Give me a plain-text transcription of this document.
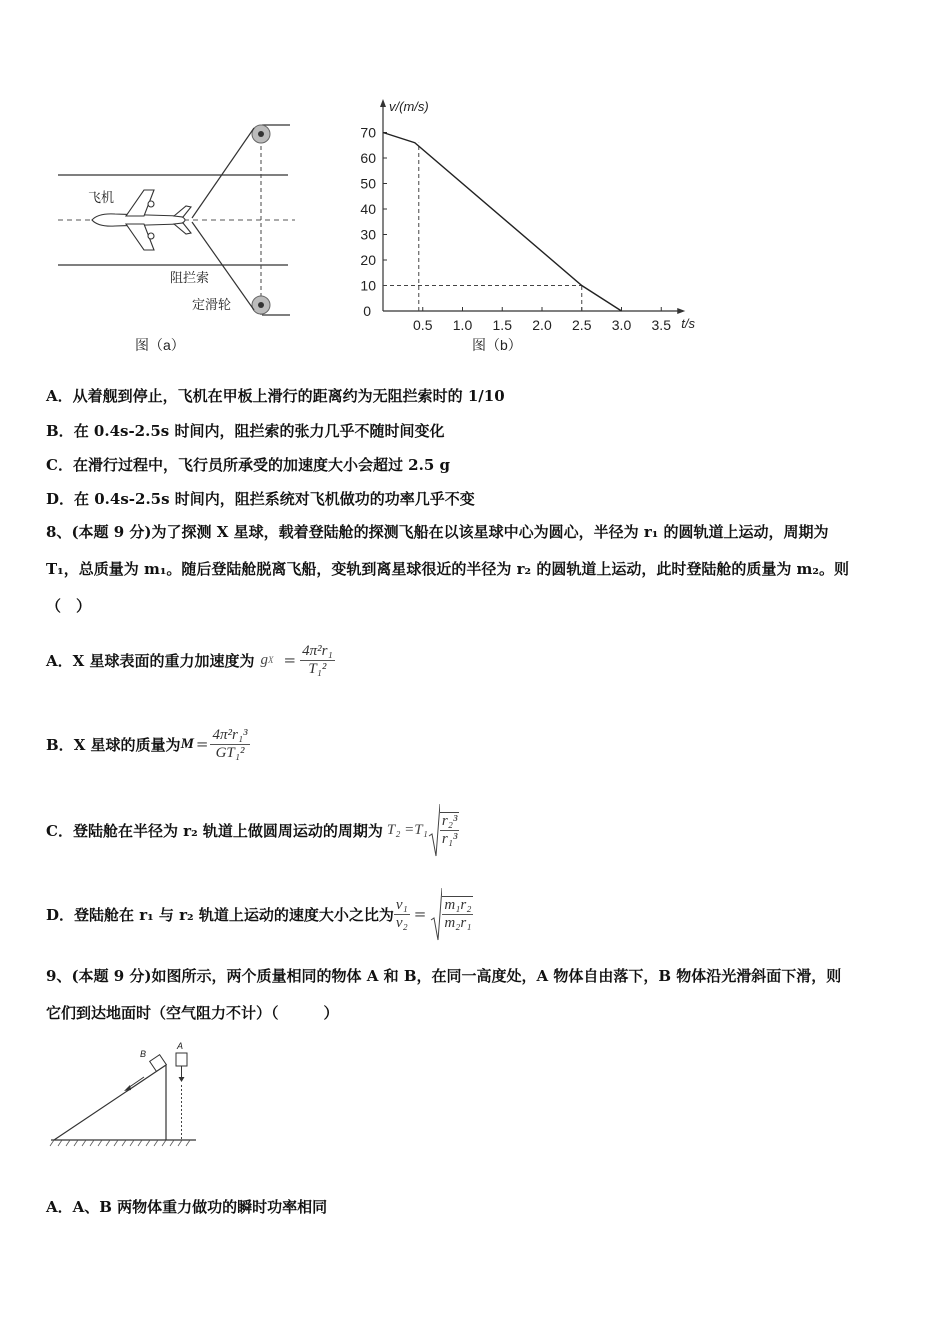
飞机
阻拦索
定滑轮
图（a）
v/(m/s)
t/s
10
20
30
40
50
60
70
0
0.5 1.0 1.5 2.0 2.5 3.0 3.5
图（b）
A．从着舰到停止，飞机在甲板上滑行的距离约为无阻拦索时的 1/10
B．在 0.4s-2.5s 时间内，阻拦索的张力几乎不随时间变化
C．在滑行过程中，飞行员所承受的加速度大小会超过 2.5 g
D．在 0.4s-2.5s 时间内，阻拦系统对飞机做功的功率几乎不变
8、(本题 9 分)为了探测 X 星球，载着登陆舱的探测飞船在以该星球中心为圆心，半径为 r₁ 的圆轨道上运动，周期为
T₁，总质量为 m₁。随后登陆舱脱离飞船，变轨到离星球很近的半径为 r₂ 的圆轨道上运动，此时登陆舱的质量为 m₂。则
（　）
A． X 星球表面的重力加速度为 g $X = \frac{\text{4π²r₁}}{\text{T₁²}}$
B． X 星球的质量为 $M = \frac{\text{4π²r₁³}}{\text{GT₁²}}$
C． 登陆舱在半径为 r₂ 轨道上做圆周运动的周期为 $T_2 =T_1 \frac{\text{r₂³}}{\text{r₁³}}$
D． 登陆舱在 r₁ 与 r₂ 轨道上运动的速度大小之比为 $\frac{\text{v₁}}{\text{v₂}} = \frac{\text{m₁r₂}}{\text{m₂r₁}}$
9、(本题 9 分)如图所示，两个质量相同的物体 A 和 B，在同一高度处，A 物体自由落下，B 物体沿光滑斜面下滑，则
它们到达地面时（空气阻力不计）（　　　）
B
A
A．A、B 两物体重力做功的瞬时功率相同
